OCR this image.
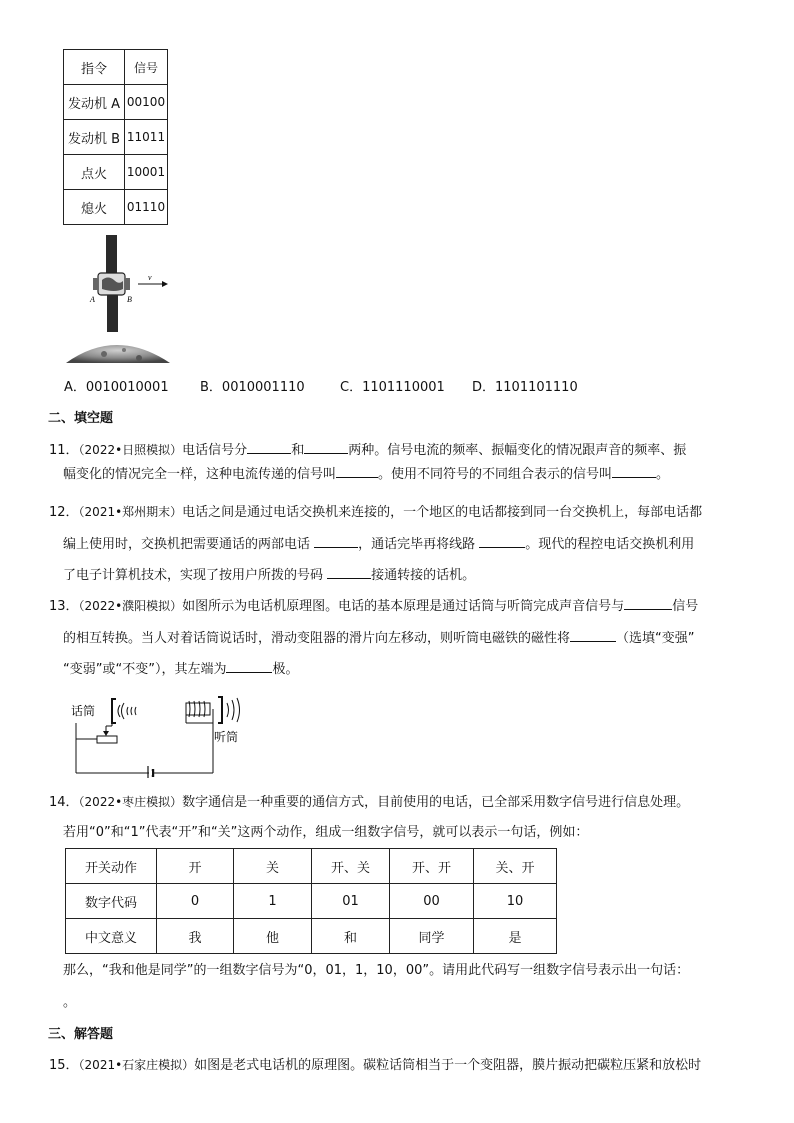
指令	信号
发动机 A	00100
发动机 B	11011
点火	10001
熄火	01110
v
A	B
A．0010010001 B．0010001110	C．1101110001 D．1101101110
二、填空题
11．（2022•日照模拟）电话信号分	和	两种。信号电流的频率、振幅变化的情况跟声音的频率、振
幅变化的情况完全一样，这种电流传递的信号叫	。使用不同符号的不同组合表示的信号叫	。
12．（2021•郑州期末）电话之间是通过电话交换机来连接的，一个地区的电话都接到同一台交换机上，每部电话都
编上使用时，交换机把需要通话的两部电话	，通话完毕再将线路	。现代的程控电话交换机利用
了电子计算机技术，实现了按用户所拨的号码	接通转接的话机。
13．（2022•濮阳模拟）如图所示为电话机原理图。电话的基本原理是通过话筒与听筒完成声音信号与	信号
的相互转换。当人对着话筒说话时，滑动变阻器的滑片向左移动，则听筒电磁铁的磁性将	（选填“变强”
“变弱”或“不变”），其左端为	极。
话筒
听筒
14．（2022•枣庄模拟）数字通信是一种重要的通信方式，目前使用的电话，已全部采用数字信号进行信息处理。
若用“0”和“1”代表“开”和“关”这两个动作，组成一组数字信号，就可以表示一句话，例如：
开关动作	开	关	开、关	开、开	关、开
数字代码	0	1	01	00	10
中文意义	我	他	和	同学	是
那么，“我和他是同学”的一组数字信号为“0，01，1，10，00”。请用此代码写一组数字信号表示出一句话：
。
三、解答题
15．（2021•石家庄模拟）如图是老式电话机的原理图。碳粒话筒相当于一个变阻器，膜片振动把碳粒压紧和放松时
